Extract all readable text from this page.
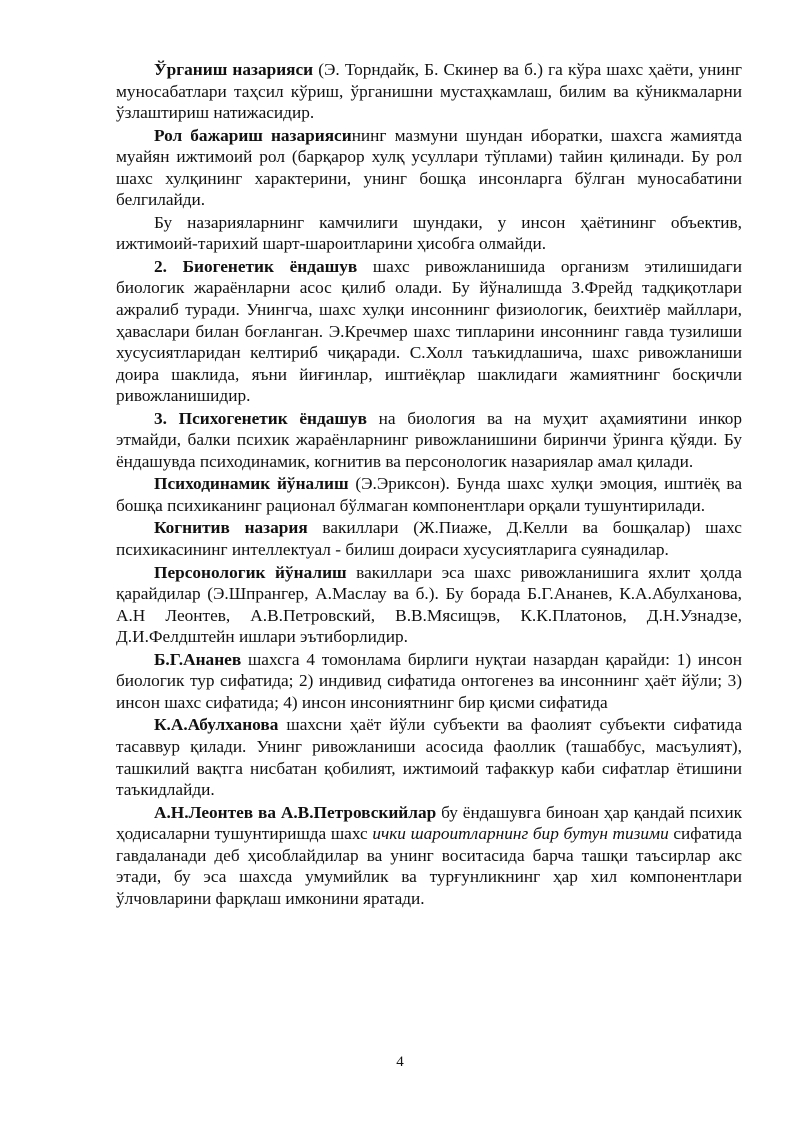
Ўрганиш назарияси (Э. Торндайк, Б. Скинер ва б.) га кўра шахс ҳаёти, унинг муносабатлари таҳсил кўриш, ўрганишни мустаҳкамлаш, билим ва кўникмаларни ўзлаштириш натижасидир.

Рол бажариш назариясининг мазмуни шундан иборатки, шахсга жамиятда муайян ижтимоий рол (барқарор хулқ усуллари тўплами) тайин қилинади. Бу рол шахс хулқининг характерини, унинг бошқа инсонларга бўлган муносабатини белгилайди.

Бу назарияларнинг камчилиги шундаки, у инсон ҳаётининг объектив, ижтимоий-тарихий шарт-шароитларини ҳисобга олмайди.

2. Биогенетик ёндашув шахс ривожланишида организм этилишидаги биологик жараёнларни асос қилиб олади. Бу йўналишда З.Фрейд тадқиқотлари ажралиб туради. Унингча, шахс хулқи инсоннинг физиологик, беихтиёр майллари, ҳаваслари билан боғланган. Э.Кречмер шахс типларини инсоннинг гавда тузилиши хусусиятларидан келтириб чиқаради. С.Холл таъкидлашича, шахс ривожланиши доира шаклида, яъни йиғинлар, иштиёқлар шаклидаги жамиятнинг босқичли ривожланишидир.

3. Психогенетик ёндашув на биология ва на муҳит аҳамиятини инкор этмайди, балки психик жараёнларнинг ривожланишини биринчи ўринга қўяди. Бу ёндашувда психодинамик, когнитив ва персонологик назариялар амал қилади.

Психодинамик йўналиш (Э.Эриксон). Бунда шахс хулқи эмоция, иштиёқ ва бошқа психиканинг рационал бўлмаган компонентлари орқали тушунтирилади.

Когнитив назария вакиллари (Ж.Пиаже, Д.Келли ва бошқалар) шахс психикасининг интеллектуал - билиш доираси хусусиятларига суянадилар.

Персонологик йўналиш вакиллари эса шахс ривожланишига яхлит ҳолда қарайдилар (Э.Шпрангер, А.Маслау ва б.). Бу борада Б.Г.Ананев, К.А.Абулханова, А.Н Леонтев, А.В.Петровский, В.В.Мясищэв, К.К.Платонов, Д.Н.Узнадзе, Д.И.Фелдштейн ишлари эътиборлидир.

Б.Г.Ананев шахсга 4 томонлама бирлиги нуқтаи назардан қарайди: 1) инсон биологик тур сифатида; 2) индивид сифатида онтогенез ва инсоннинг ҳаёт йўли; 3) инсон шахс сифатида; 4) инсон инсониятнинг бир қисми сифатида

К.А.Абулханова шахсни ҳаёт йўли субъекти ва фаолият субъекти сифатида тасаввур қилади. Унинг ривожланиши асосида фаоллик (ташаббус, масъулият), ташкилий вақтга нисбатан қобилият, ижтимоий тафаккур каби сифатлар ётишини таъкидлайди.

А.Н.Леонтев ва А.В.Петровскийлар бу ёндашувга биноан ҳар қандай психик ҳодисаларни тушунтиришда шахс ички шароитларнинг бир бутун тизими сифатида гавдаланади деб ҳисоблайдилар ва унинг воситасида барча ташқи таъсирлар акс этади, бу эса шахсда умумийлик ва турғунликнинг ҳар хил компонентлари ўлчовларини фарқлаш имконини яратади.

4
